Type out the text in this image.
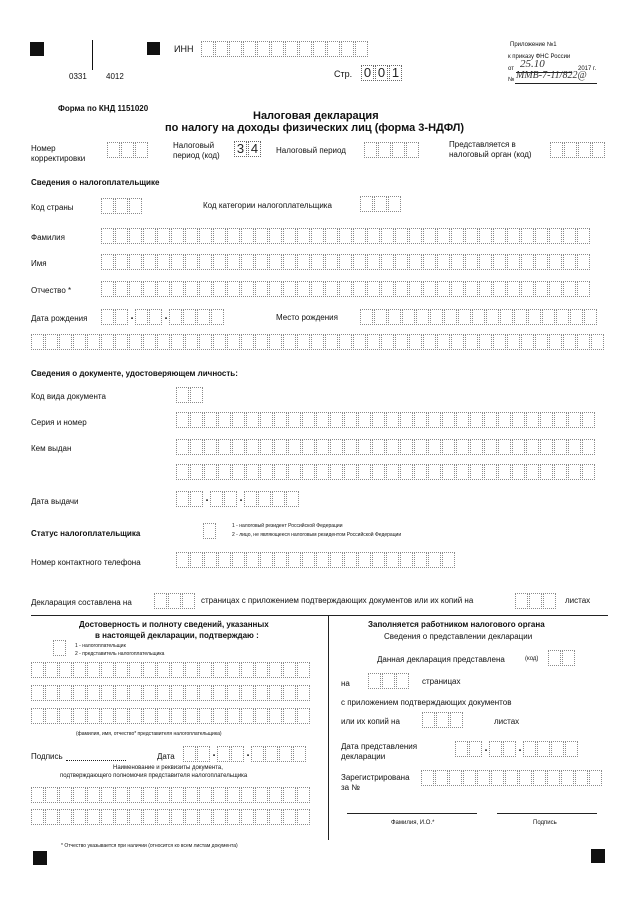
0331 4012
ИНН
Стр. 0 0 1
Приложение №1
к приказу ФНС России
от 25.10	2017 г.
№ ММВ-7-11/822@
Форма по КНД 1151020
Налоговая декларация
по налогу на доходы физических лиц (форма 3-НДФЛ)
Номер
корректировки
Налоговый
период (код) 3 4	Налоговый период
Представляется в
налоговый орган (код)
Сведения о налогоплательщике
Код страны	Код категории налогоплательщика
Фамилия
Имя
Отчество *
Дата рождения	.	.	Место рождения
Сведения о документе, удостоверяющем личность:
Код вида документа
Серия и номер
Кем выдан
Дата выдачи	.	.
Статус налогоплательщика
1 - налоговый резидент Российской Федерации
2 - лицо, не являющееся налоговым резидентом Российской Федерации
Номер контактного телефона
Декларация составлена на	страницах с приложением подтверждающих документов или их копий на	листах
Достоверность и полноту сведений, указанных
в настоящей декларации, подтверждаю :
1 - налогоплательщик
2 - представитель налогоплательщика
(фамилия, имя, отчество* представителя налогоплательщика)
Подпись	Дата	.	.
Наименование и реквизиты документа,
подтверждающего полномочия представителя налогоплательщика
Заполняется работником налогового органа
Сведения о представлении декларации
Данная декларация представлена	(код)
на	страницах
с приложением подтверждающих документов
или их копий на	листах
Дата представления
декларации
.	.
Зарегистрирована
за №
Фамилия, И.О.*	Подпись
* Отчество указывается при наличии (относится ко всем листам документа)
